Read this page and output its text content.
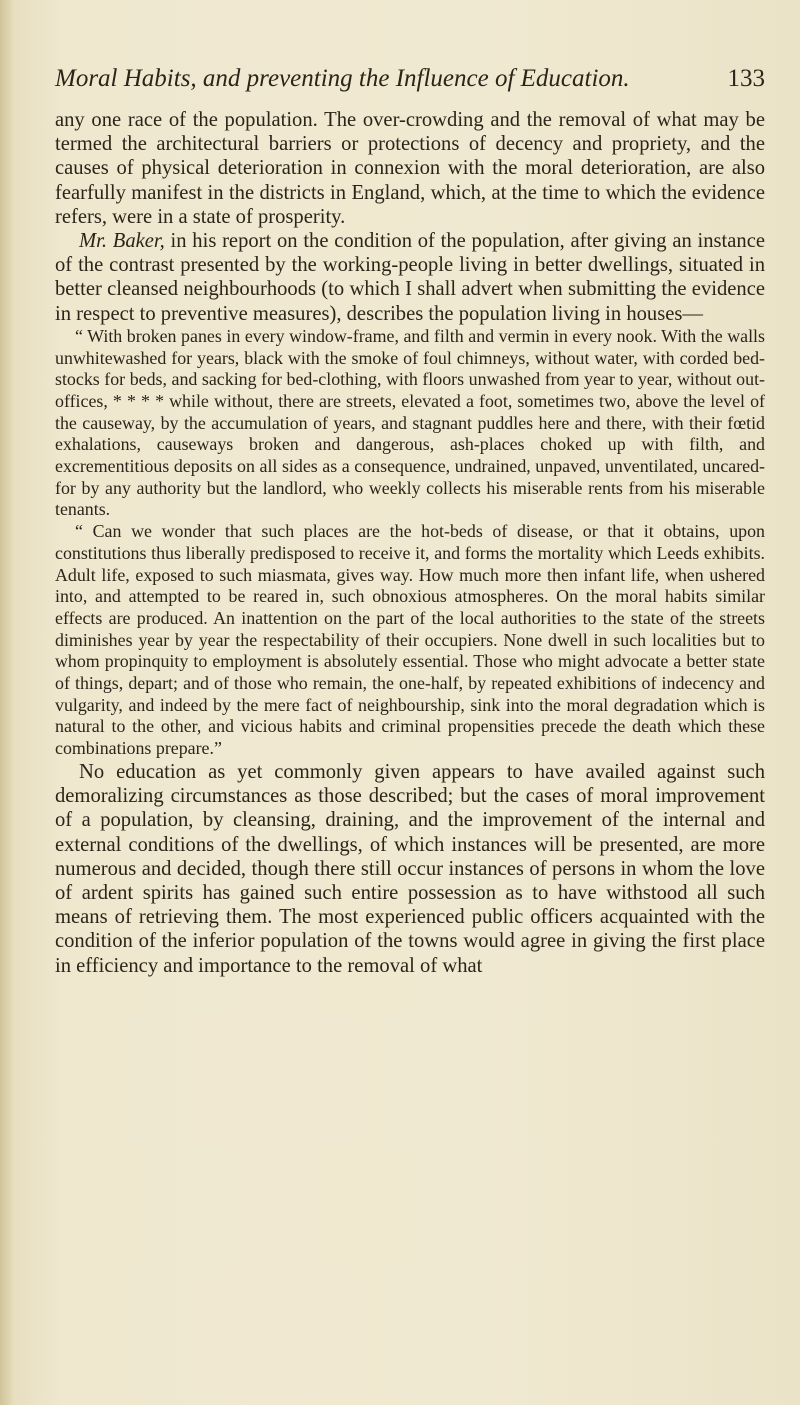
Moral Habits, and preventing the Influence of Education.	133

any one race of the population. The over-crowding and the removal of what may be termed the architectural barriers or protections of decency and propriety, and the causes of physical deterioration in connexion with the moral deterioration, are also fearfully manifest in the districts in England, which, at the time to which the evidence refers, were in a state of prosperity.

Mr. Baker, in his report on the condition of the population, after giving an instance of the contrast presented by the working-people living in better dwellings, situated in better cleansed neighbourhoods (to which I shall advert when submitting the evidence in respect to preventive measures), describes the population living in houses—

“ With broken panes in every window-frame, and filth and vermin in every nook. With the walls unwhitewashed for years, black with the smoke of foul chimneys, without water, with corded bed-stocks for beds, and sacking for bed-clothing, with floors unwashed from year to year, without out-offices, * * * * while without, there are streets, elevated a foot, sometimes two, above the level of the causeway, by the accumulation of years, and stagnant puddles here and there, with their fœtid exhalations, causeways broken and dangerous, ash-places choked up with filth, and excrementitious deposits on all sides as a consequence, undrained, unpaved, unventilated, uncared-for by any authority but the landlord, who weekly collects his miserable rents from his miserable tenants.

“ Can we wonder that such places are the hot-beds of disease, or that it obtains, upon constitutions thus liberally predisposed to receive it, and forms the mortality which Leeds exhibits. Adult life, exposed to such miasmata, gives way. How much more then infant life, when ushered into, and attempted to be reared in, such obnoxious atmospheres. On the moral habits similar effects are produced. An inattention on the part of the local authorities to the state of the streets diminishes year by year the respectability of their occupiers. None dwell in such localities but to whom propinquity to employment is absolutely essential. Those who might advocate a better state of things, depart; and of those who remain, the one-half, by repeated exhibitions of indecency and vulgarity, and indeed by the mere fact of neighbourship, sink into the moral degradation which is natural to the other, and vicious habits and criminal propensities precede the death which these combinations prepare.”

No education as yet commonly given appears to have availed against such demoralizing circumstances as those described; but the cases of moral improvement of a population, by cleansing, draining, and the improvement of the internal and external conditions of the dwellings, of which instances will be presented, are more numerous and decided, though there still occur instances of persons in whom the love of ardent spirits has gained such entire possession as to have withstood all such means of retrieving them. The most experienced public officers acquainted with the condition of the inferior population of the towns would agree in giving the first place in efficiency and importance to the removal of what
